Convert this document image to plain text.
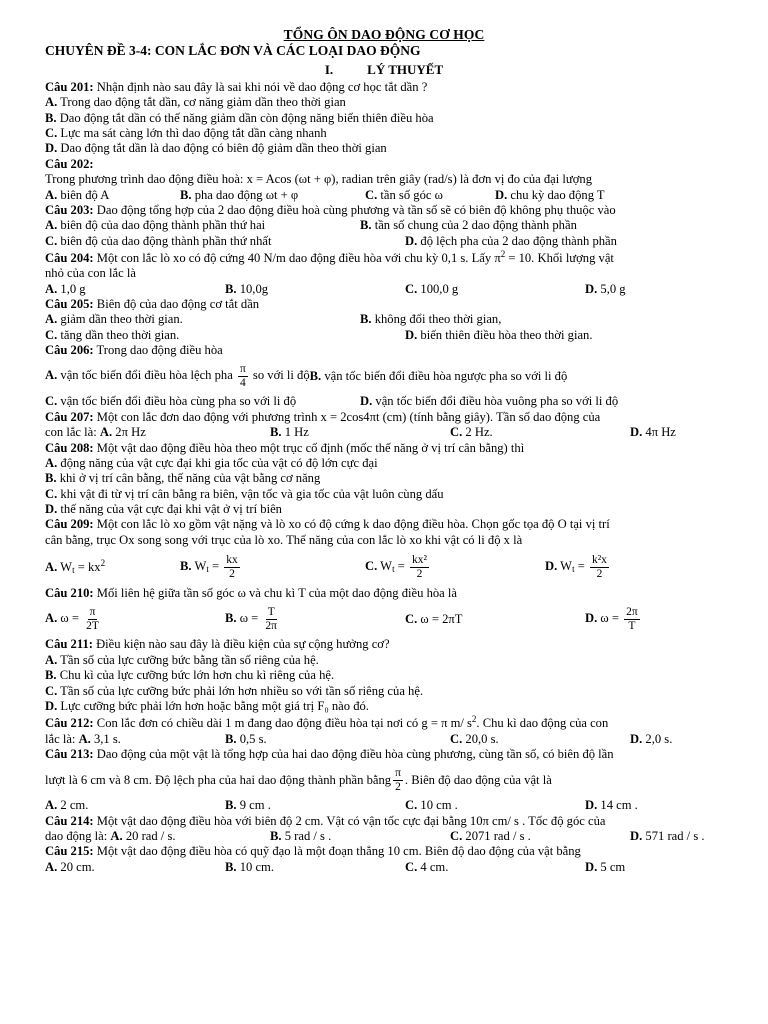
TỔNG ÔN DAO ĐỘNG CƠ HỌC
CHUYÊN ĐỀ 3-4: CON LẮC ĐƠN VÀ CÁC LOẠI DAO ĐỘNG
I.	LÝ THUYẾT
Câu 201: Nhận định nào sau đây là sai khi nói về dao động cơ học tắt dần ?
A. Trong dao động tắt dần, cơ năng giảm dần theo thời gian
B. Dao động tắt dần có thế năng giảm dần còn động năng biến thiên điều hòa
C. Lực ma sát càng lớn thì dao động tắt dần càng nhanh
D. Dao động tắt dần là dao động có biên độ giảm dần theo thời gian
Câu 202:
Trong phương trình dao động điều hoà: x = Acos (ωt + φ), radian trên giây (rad/s) là đơn vị đo của đại lượng
A. biên độ A	B. pha dao động ωt + φ	C. tần số góc ω	D. chu kỳ dao động T
Câu 203: Dao động tổng hợp của 2 dao động điều hoà cùng phương và tần số sẽ có biên độ không phụ thuộc vào
A. biên độ của dao động thành phần thứ hai	B. tần số chung của 2 dao động thành phần
C. biên độ của dao động thành phần thứ nhất	D. độ lệch pha của 2 dao động thành phần
Câu 204: Một con lắc lò xo có độ cứng 40 N/m dao động điều hòa với chu kỳ 0,1 s. Lấy $\pi^2 = 10$. Khối lượng vật
nhỏ của con lắc là
A. 1,0 g	B. 10,0g	C. 100,0 g	D. 5,0 g
Câu 205: Biên độ của dao động cơ tắt dần
A. giảm dần theo thời gian.	B. không đổi theo thời gian,
C. tăng dần theo thời gian.	D. biến thiên điều hòa theo thời gian.
Câu 206: Trong dao động điều hòa
A. vận tốc biến đổi điều hòa lệch pha $\frac{\pi}{4}$ so với li độ B. vận tốc biến đổi điều hòa ngược pha so với li độ
C. vận tốc biến đổi điều hòa cùng pha so với li độ	D. vận tốc biến đổi điều hòa vuông pha so với li độ
Câu 207: Một con lắc đơn dao động với phương trình x = 2cos4πt (cm) (tính bằng giây). Tần số dao động của
con lắc là: A. 2π Hz	B. 1 Hz	C. 2 Hz.	D. 4π Hz
Câu 208: Một vật dao động điều hòa theo một trục cố định (mốc thế năng ở vị trí cân bằng) thì
A. động năng của vật cực đại khi gia tốc của vật có độ lớn cực đại
B. khi ở vị trí cân bằng, thế năng của vật bằng cơ năng
C. khi vật đi từ vị trí cân bằng ra biên, vận tốc và gia tốc của vật luôn cùng dấu
D. thế năng của vật cực đại khi vật ở vị trí biên
Câu 209: Một con lắc lò xo gồm vật nặng và lò xo có độ cứng k dao động điều hòa. Chọn gốc tọa độ O tại vị trí
cân bằng, trục Ox song song với trục của lò xo. Thế năng của con lắc lò xo khi vật có li độ x là
A. $W_t = kx^2$	B. $W_t = \frac{kx}{2}$	C. $W_t = \frac{\text{kx²}}{2}$	D. $W_t = \frac{\text{k²x}}{2}$
Câu 210: Mối liên hệ giữa tần số góc ω và chu kì T của một dao động điều hòa là
A. $\omega = \frac{\pi}{2T}$	B. $\omega = \frac{T}{2\pi}$	C. ω = 2πT	D. $\omega = \frac{2\pi}{T}$
Câu 211: Điều kiện nào sau đây là điều kiện của sự cộng hưởng cơ?
A. Tần số của lực cưỡng bức bằng tần số riêng của hệ.
B. Chu kì của lực cưỡng bức lớn hơn chu kì riêng của hệ.
C. Tần số của lực cưỡng bức phải lớn hơn nhiều so với tần số riêng của hệ.
D. Lực cưỡng bức phải lớn hơn hoặc bằng một giá trị F₀ nào đó.
Câu 212: Con lắc đơn có chiều dài 1 m đang dao động điều hòa tại nơi có g = π m/ $s^2$. Chu kì dao động của con
lắc là: A. 3,1 s.	B. 0,5 s.	C. 20,0 s.	D. 2,0 s.
Câu 213: Dao động của một vật là tổng hợp của hai dao động điều hòa cùng phương, cùng tần số, có biên độ lần
lượt là 6 cm và 8 cm. Độ lệch pha của hai dao động thành phần bằng $\frac{\pi}{2}$ . Biên độ dao động của vật là
A. 2 cm.	B. 9 cm .	C. 10 cm .	D. 14 cm .
Câu 214: Một vật dao động điều hòa với biên độ 2 cm. Vật có vận tốc cực đại bằng 10π cm/ s . Tốc độ góc của
dao động là: A. 20 rad / s.	B. 5 rad / s .	C. 2071 rad / s .	D. 571 rad / s .
Câu 215: Một vật dao động điều hòa có quỹ đạo là một đoạn thẳng 10 cm. Biên độ dao động của vật bằng
A. 20 cm.	B. 10 cm.	C. 4 cm.	D. 5 cm
